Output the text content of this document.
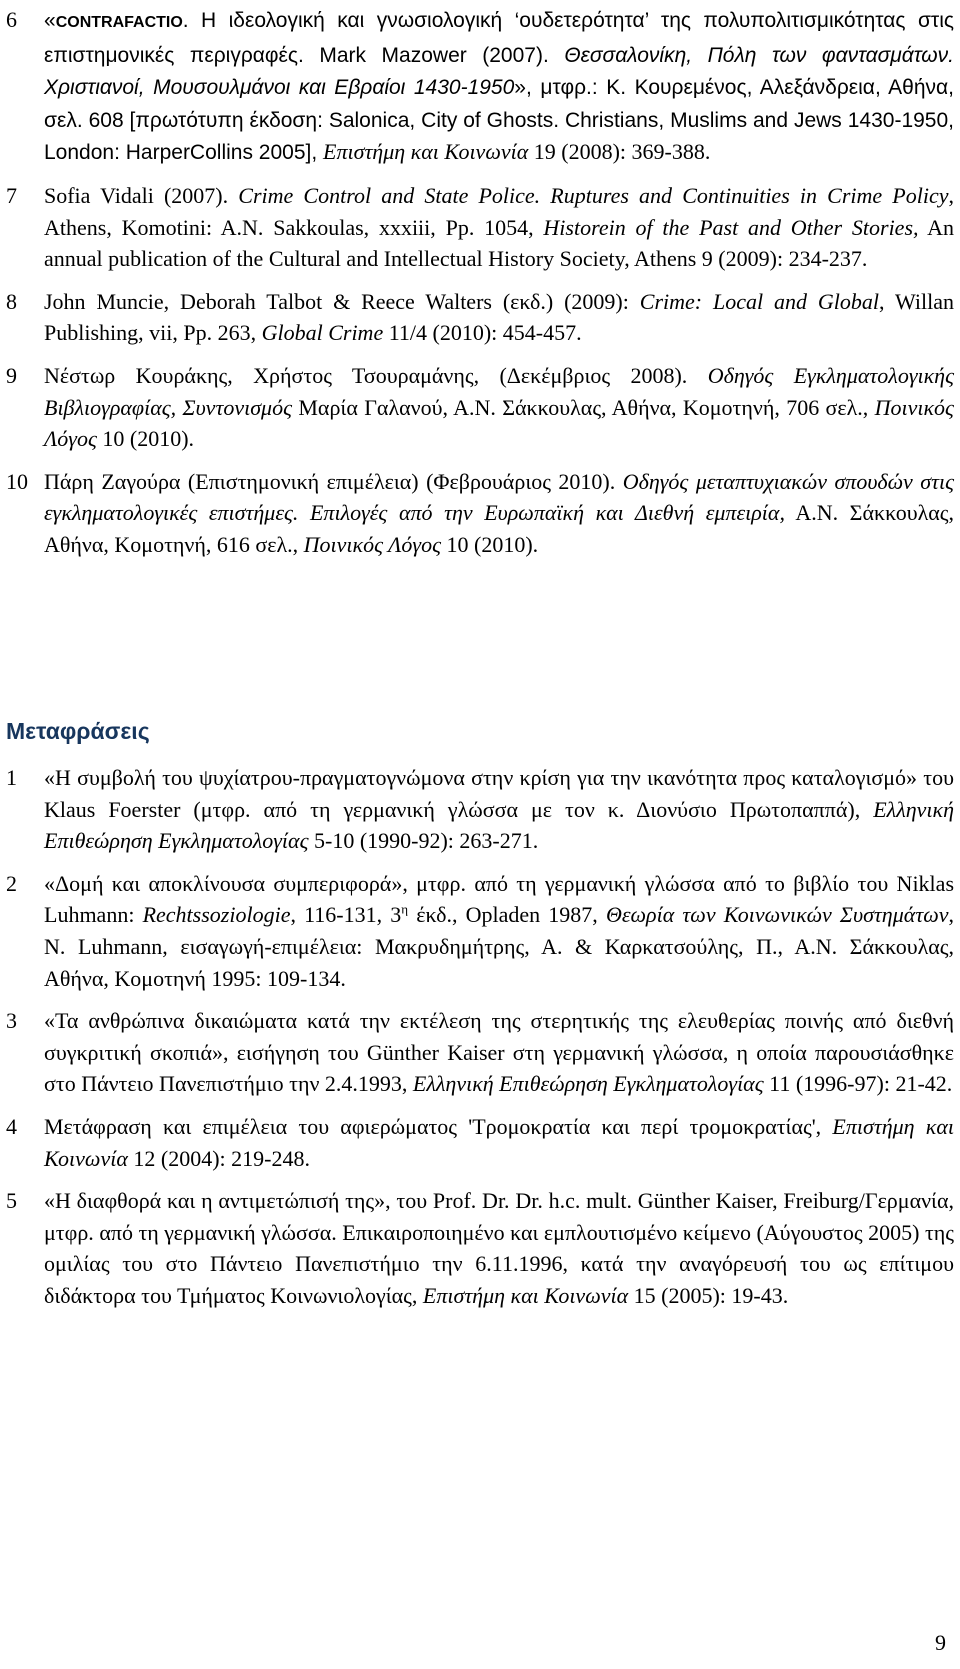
6	«CONTRAFACTIO. Η ιδεολογική και γνωσιολογική ‘ουδετερότητα’ της πολυπολιτισμικότητας στις επιστημονικές περιγραφές. Mark Mazower (2007). Θεσσαλονίκη, Πόλη των φαντασμάτων. Χριστιανοί, Μουσουλμάνοι και Εβραίοι 1430-1950», μτφρ.: Κ. Κουρεμένος, Αλεξάνδρεια, Αθήνα, σελ. 608 [πρωτότυπη έκδοση: Salonica, City of Ghosts. Christians, Muslims and Jews 1430-1950, London: HarperCollins 2005], Επιστήμη και Κοινωνία 19 (2008): 369-388.
7	Sofia Vidali (2007). Crime Control and State Police. Ruptures and Continuities in Crime Policy, Athens, Komotini: A.N. Sakkoulas, xxxiii, Pp. 1054, Historein of the Past and Other Stories, An annual publication of the Cultural and Intellectual History Society, Athens 9 (2009): 234-237.
8	John Muncie, Deborah Talbot & Reece Walters (εκδ.) (2009): Crime: Local and Global, Willan Publishing, vii, Pp. 263, Global Crime 11/4 (2010): 454-457.
9	Νέστωρ Κουράκης, Χρήστος Τσουραμάνης, (Δεκέμβριος 2008). Οδηγός Εγκληματολογικής Βιβλιογραφίας, Συντονισμός Μαρία Γαλανού, Α.Ν. Σάκκουλας, Αθήνα, Κομοτηνή, 706 σελ., Ποινικός Λόγος 10 (2010).
10 Πάρη Ζαγούρα (Επιστημονική επιμέλεια) (Φεβρουάριος 2010). Οδηγός μεταπτυχιακών σπουδών στις εγκληματολογικές επιστήμες. Επιλογές από την Ευρωπαϊκή και Διεθνή εμπειρία, Α.Ν. Σάκκουλας, Αθήνα, Κομοτηνή, 616 σελ., Ποινικός Λόγος 10 (2010).
Μεταφράσεις
1	«Η συμβολή του ψυχίατρου-πραγματογνώμονα στην κρίση για την ικανότητα προς καταλογισμό» του Klaus Foerster (μτφρ. από τη γερμανική γλώσσα με τον κ. Διονύσιο Πρωτοπαππά), Ελληνική Επιθεώρηση Εγκληματολογίας 5-10 (1990-92): 263-271.
2	«Δομή και αποκλίνουσα συμπεριφορά», μτφρ. από τη γερμανική γλώσσα από το βιβλίο του Niklas Luhmann: Rechtssoziologie, 116-131, $3^\eta$ έκδ., Opladen 1987, Θεωρία των Κοινωνικών Συστημάτων, N. Luhmann, εισαγωγή-επιμέλεια: Μακρυδημήτρης, Α. & Καρκατσούλης, Π., Α.Ν. Σάκκουλας, Αθήνα, Κομοτηνή 1995: 109-134.
3	«Τα ανθρώπινα δικαιώματα κατά την εκτέλεση της στερητικής της ελευθερίας ποινής από διεθνή συγκριτική σκοπιά», εισήγηση του Günther Kaiser στη γερμανική γλώσσα, η οποία παρουσιάσθηκε στο Πάντειο Πανεπιστήμιο την 2.4.1993, Ελληνική Επιθεώρηση Εγκληματολογίας 11 (1996-97): 21-42.
4	Μετάφραση και επιμέλεια του αφιερώματος 'Τρομοκρατία και περί τρομοκρατίας', Επιστήμη και Κοινωνία 12 (2004): 219-248.
5	«Η διαφθορά και η αντιμετώπισή της», του Prof. Dr. Dr. h.c. mult. Günther Kaiser, Freiburg/Γερμανία, μτφρ. από τη γερμανική γλώσσα. Επικαιροποιημένο και εμπλουτισμένο κείμενο (Αύγουστος 2005) της ομιλίας του στο Πάντειο Πανεπιστήμιο την 6.11.1996, κατά την αναγόρευσή του ως επίτιμου διδάκτορα του Τμήματος Κοινωνιολογίας, Επιστήμη και Κοινωνία 15 (2005): 19-43.
9
